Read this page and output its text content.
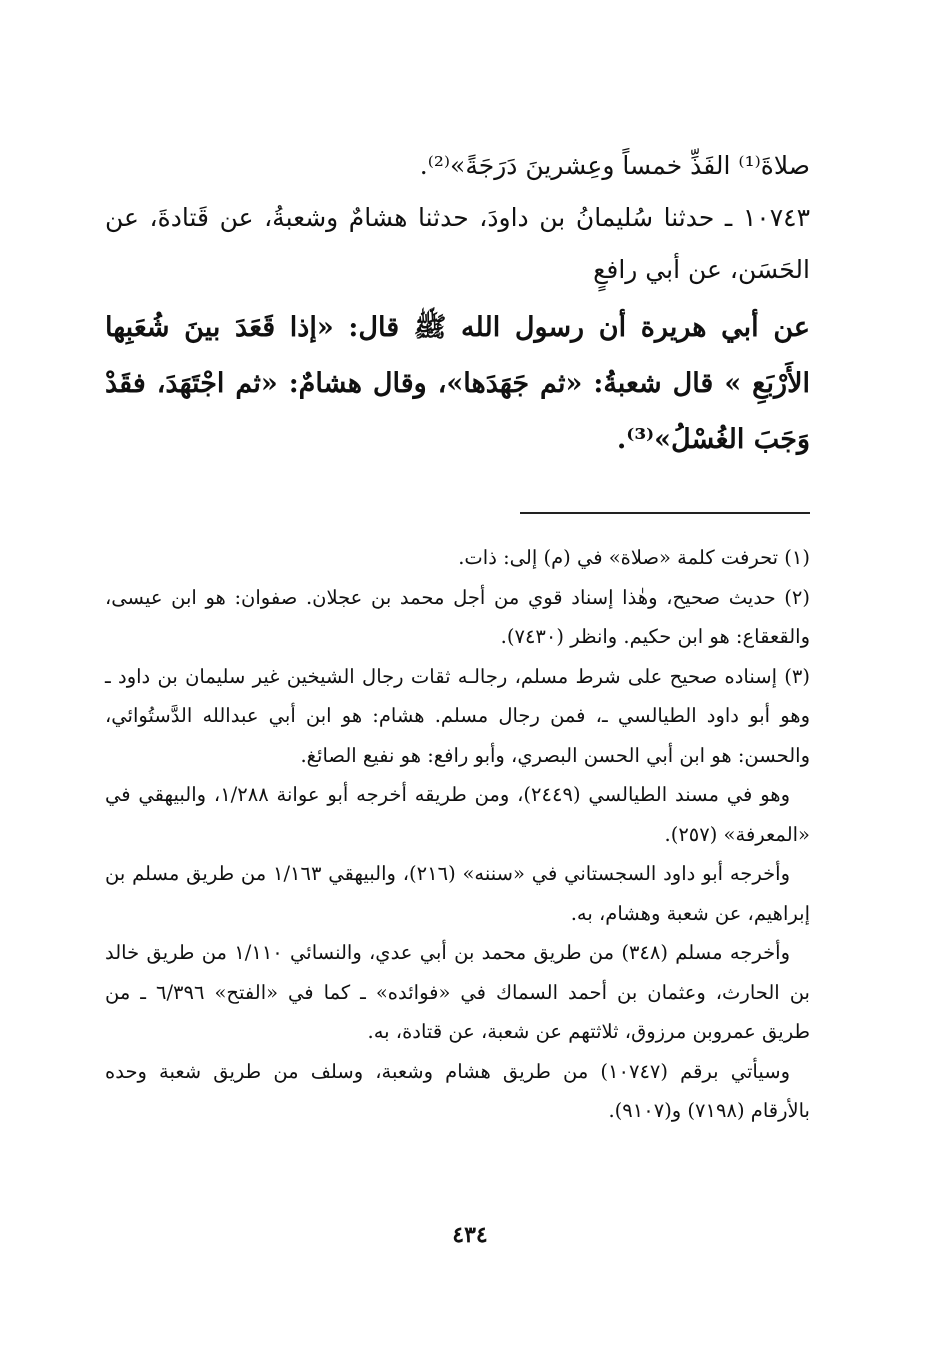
صلاةَ⁽¹⁾ الفَذِّ خمساً وعِشرينَ دَرَجَةً»⁽²⁾.

١٠٧٤٣ ـ حدثنا سُليمانُ بن داودَ، حدثنا هشامٌ وشعبةُ، عن قَتادةَ، عن الحَسَن، عن أبي رافعٍ

عن أبي هريرة أن رسول الله ﷺ قال: «إذا قَعَدَ بينَ شُعَبِها الأَرْبَعِ » قال شعبةُ: «ثم جَهَدَها»، وقال هشامٌ: «ثم اجْتَهَدَ، فقَدْ وَجَبَ الغُسْلُ»⁽³⁾.

(١) تحرفت كلمة «صلاة» في (م) إلى: ذات.

(٢) حديث صحيح، وهٰذا إسناد قوي من أجل محمد بن عجلان. صفوان: هو ابن عيسى، والقعقاع: هو ابن حكيم. وانظر (٧٤٣٠).

(٣) إسناده صحيح على شرط مسلم، رجالـه ثقات رجال الشيخين غير سليمان بن داود ـ وهو أبو داود الطيالسي ـ، فمن رجال مسلم. هشام: هو ابن أبي عبدالله الدَّستُوائي، والحسن: هو ابن أبي الحسن البصري، وأبو رافع: هو نفيع الصائغ.

وهو في مسند الطيالسي (٢٤٤٩)، ومن طريقه أخرجه أبو عوانة ١/٢٨٨، والبيهقي في «المعرفة» (٢٥٧).

وأخرجه أبو داود السجستاني في «سننه» (٢١٦)، والبيهقي ١/١٦٣ من طريق مسلم بن إبراهيم، عن شعبة وهشام، به.

وأخرجه مسلم (٣٤٨) من طريق محمد بن أبي عدي، والنسائي ١/١١٠ من طريق خالد بن الحارث، وعثمان بن أحمد السماك في «فوائده» ـ كما في «الفتح» ٦/٣٩٦ ـ من طريق عمروبن مرزوق، ثلاثتهم عن شعبة، عن قتادة، به.

وسيأتي برقم (١٠٧٤٧) من طريق هشام وشعبة، وسلف من طريق شعبة وحده بالأرقام (٧١٩٨) و(٩١٠٧).

٤٣٤
